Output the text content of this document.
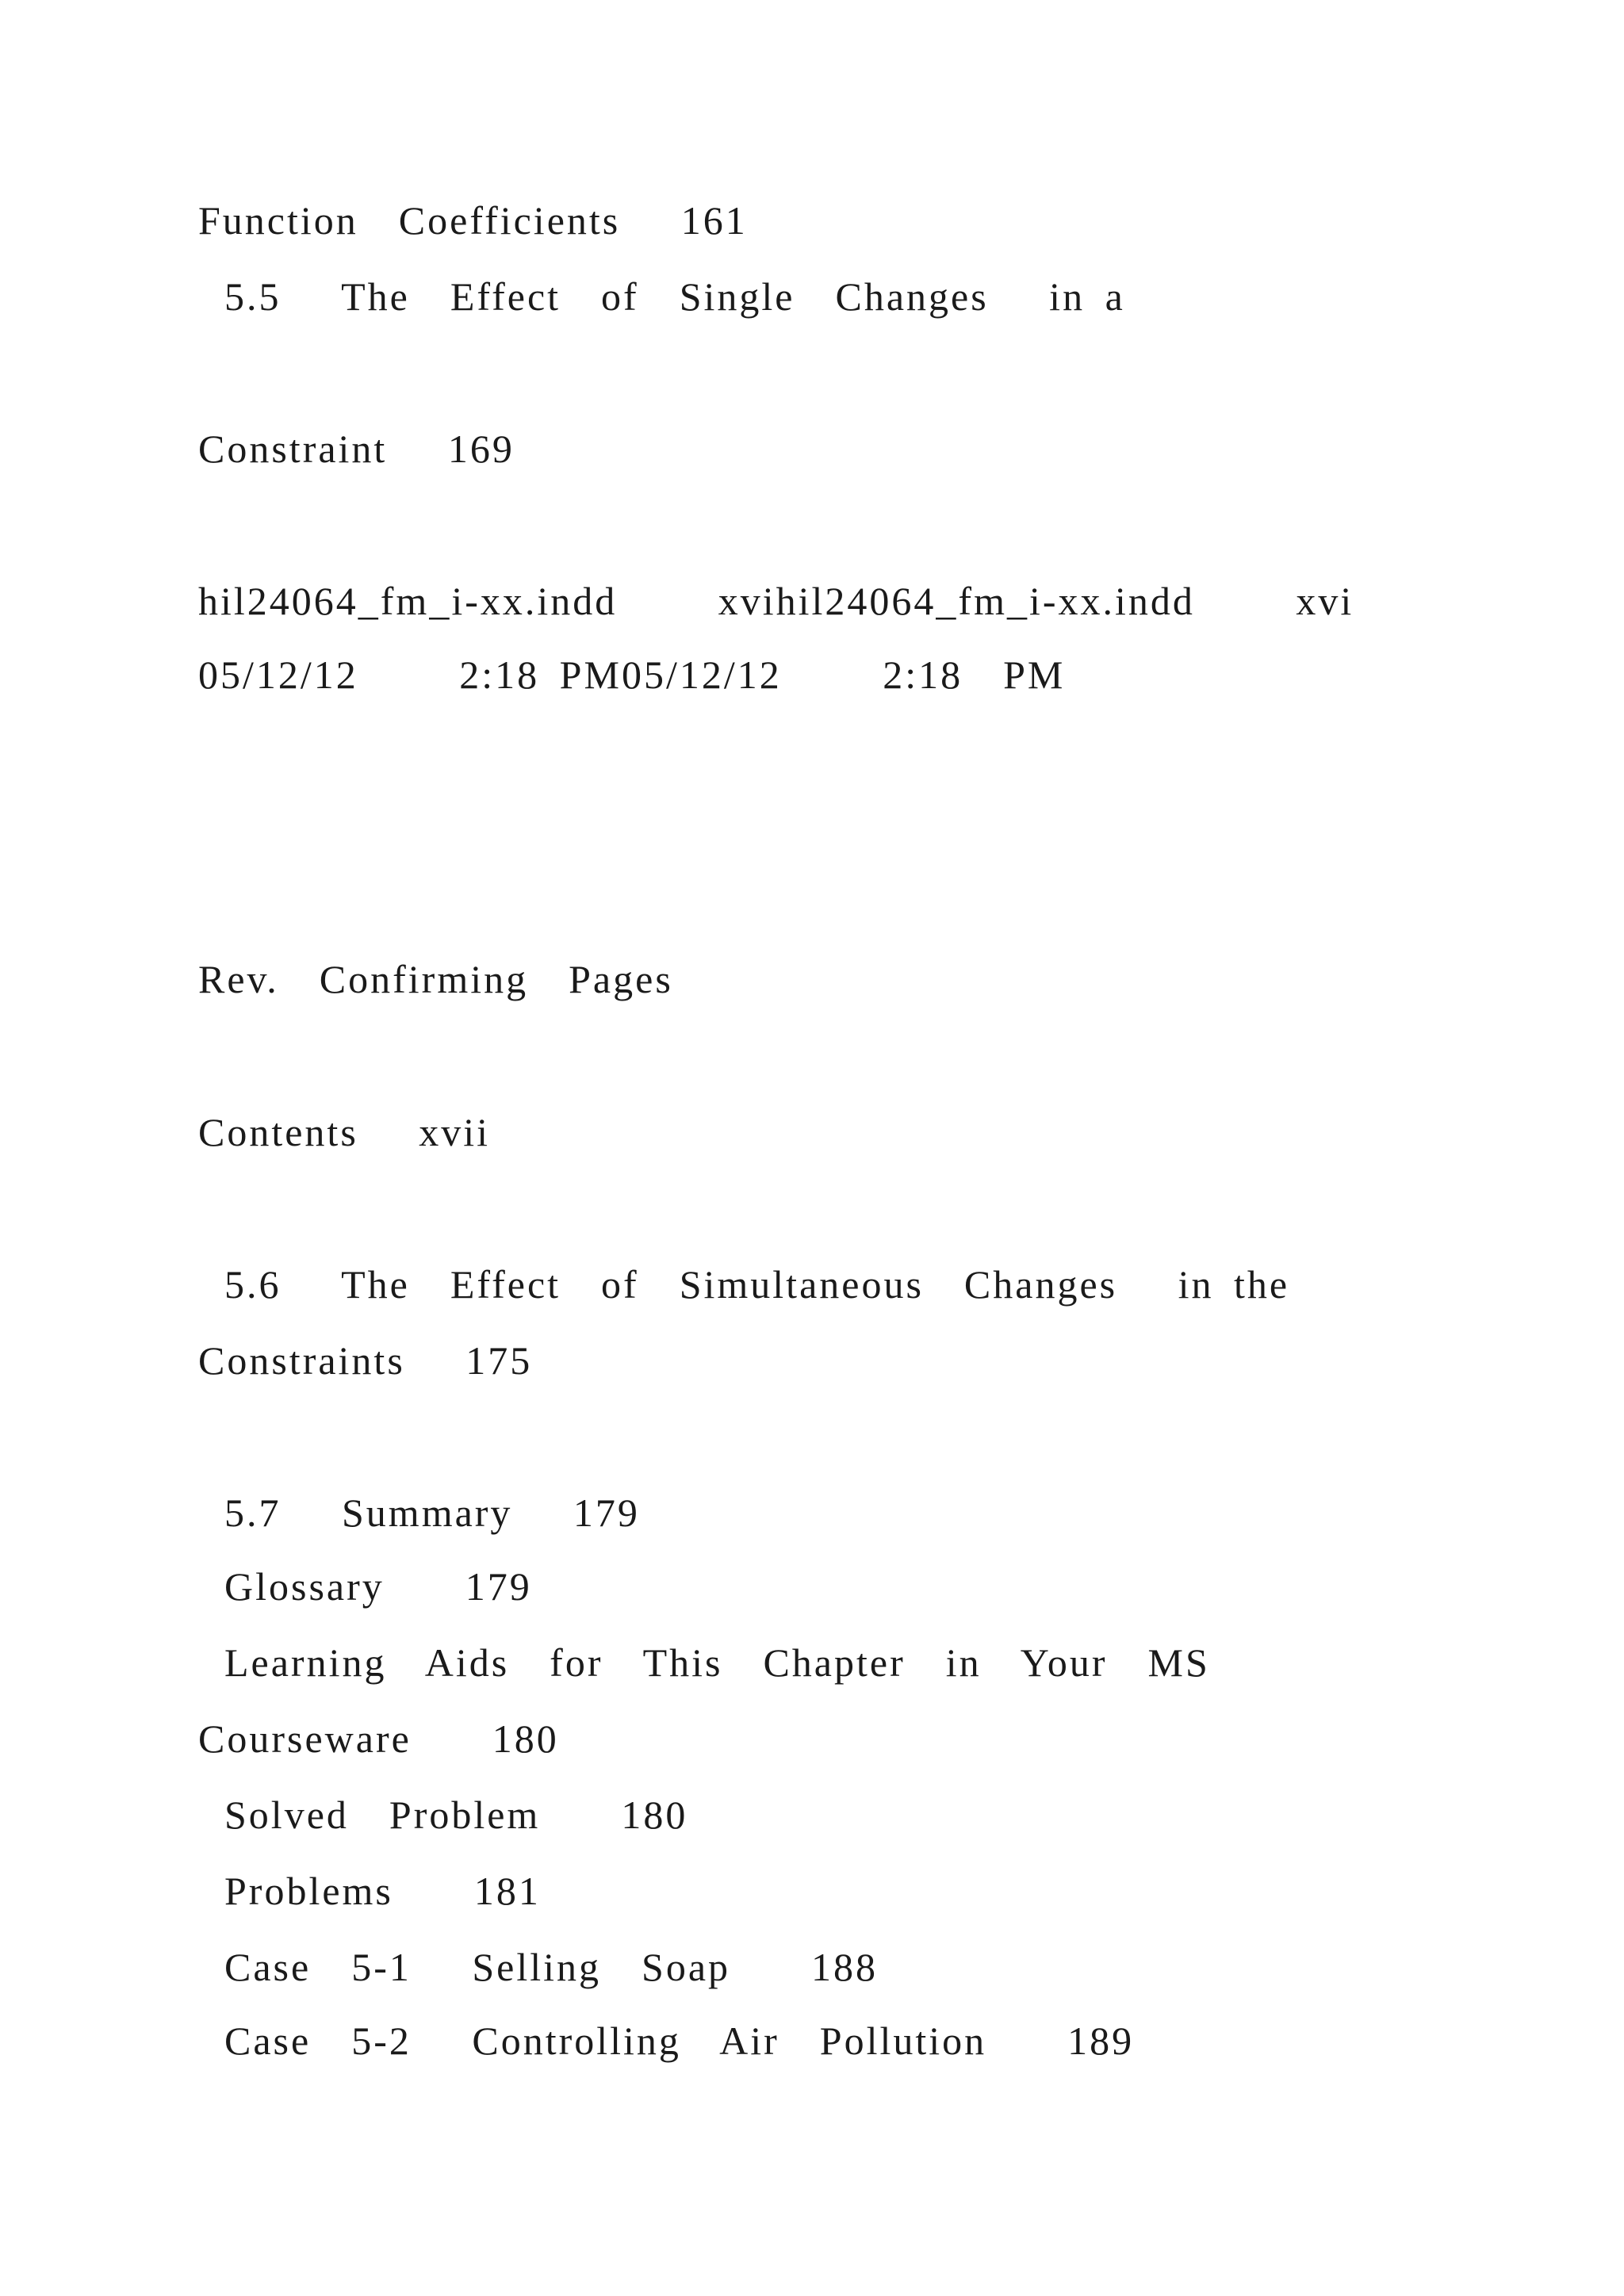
Function  Coefficients   161

5.5   The  Effect  of  Single  Changes   in a

Constraint   169

hil24064_fm_i-xx.indd     xvihil24064_fm_i-xx.indd     xvi

05/12/12     2:18 PM05/12/12     2:18  PM

Rev.  Confirming  Pages

Contents   xvii

5.6   The  Effect  of  Simultaneous  Changes   in the

Constraints   175

5.7   Summary   179

Glossary    179

Learning  Aids  for  This  Chapter  in  Your  MS

Courseware    180

Solved  Problem    180

Problems    181

Case  5-1   Selling  Soap    188

Case  5-2   Controlling  Air  Pollution    189
